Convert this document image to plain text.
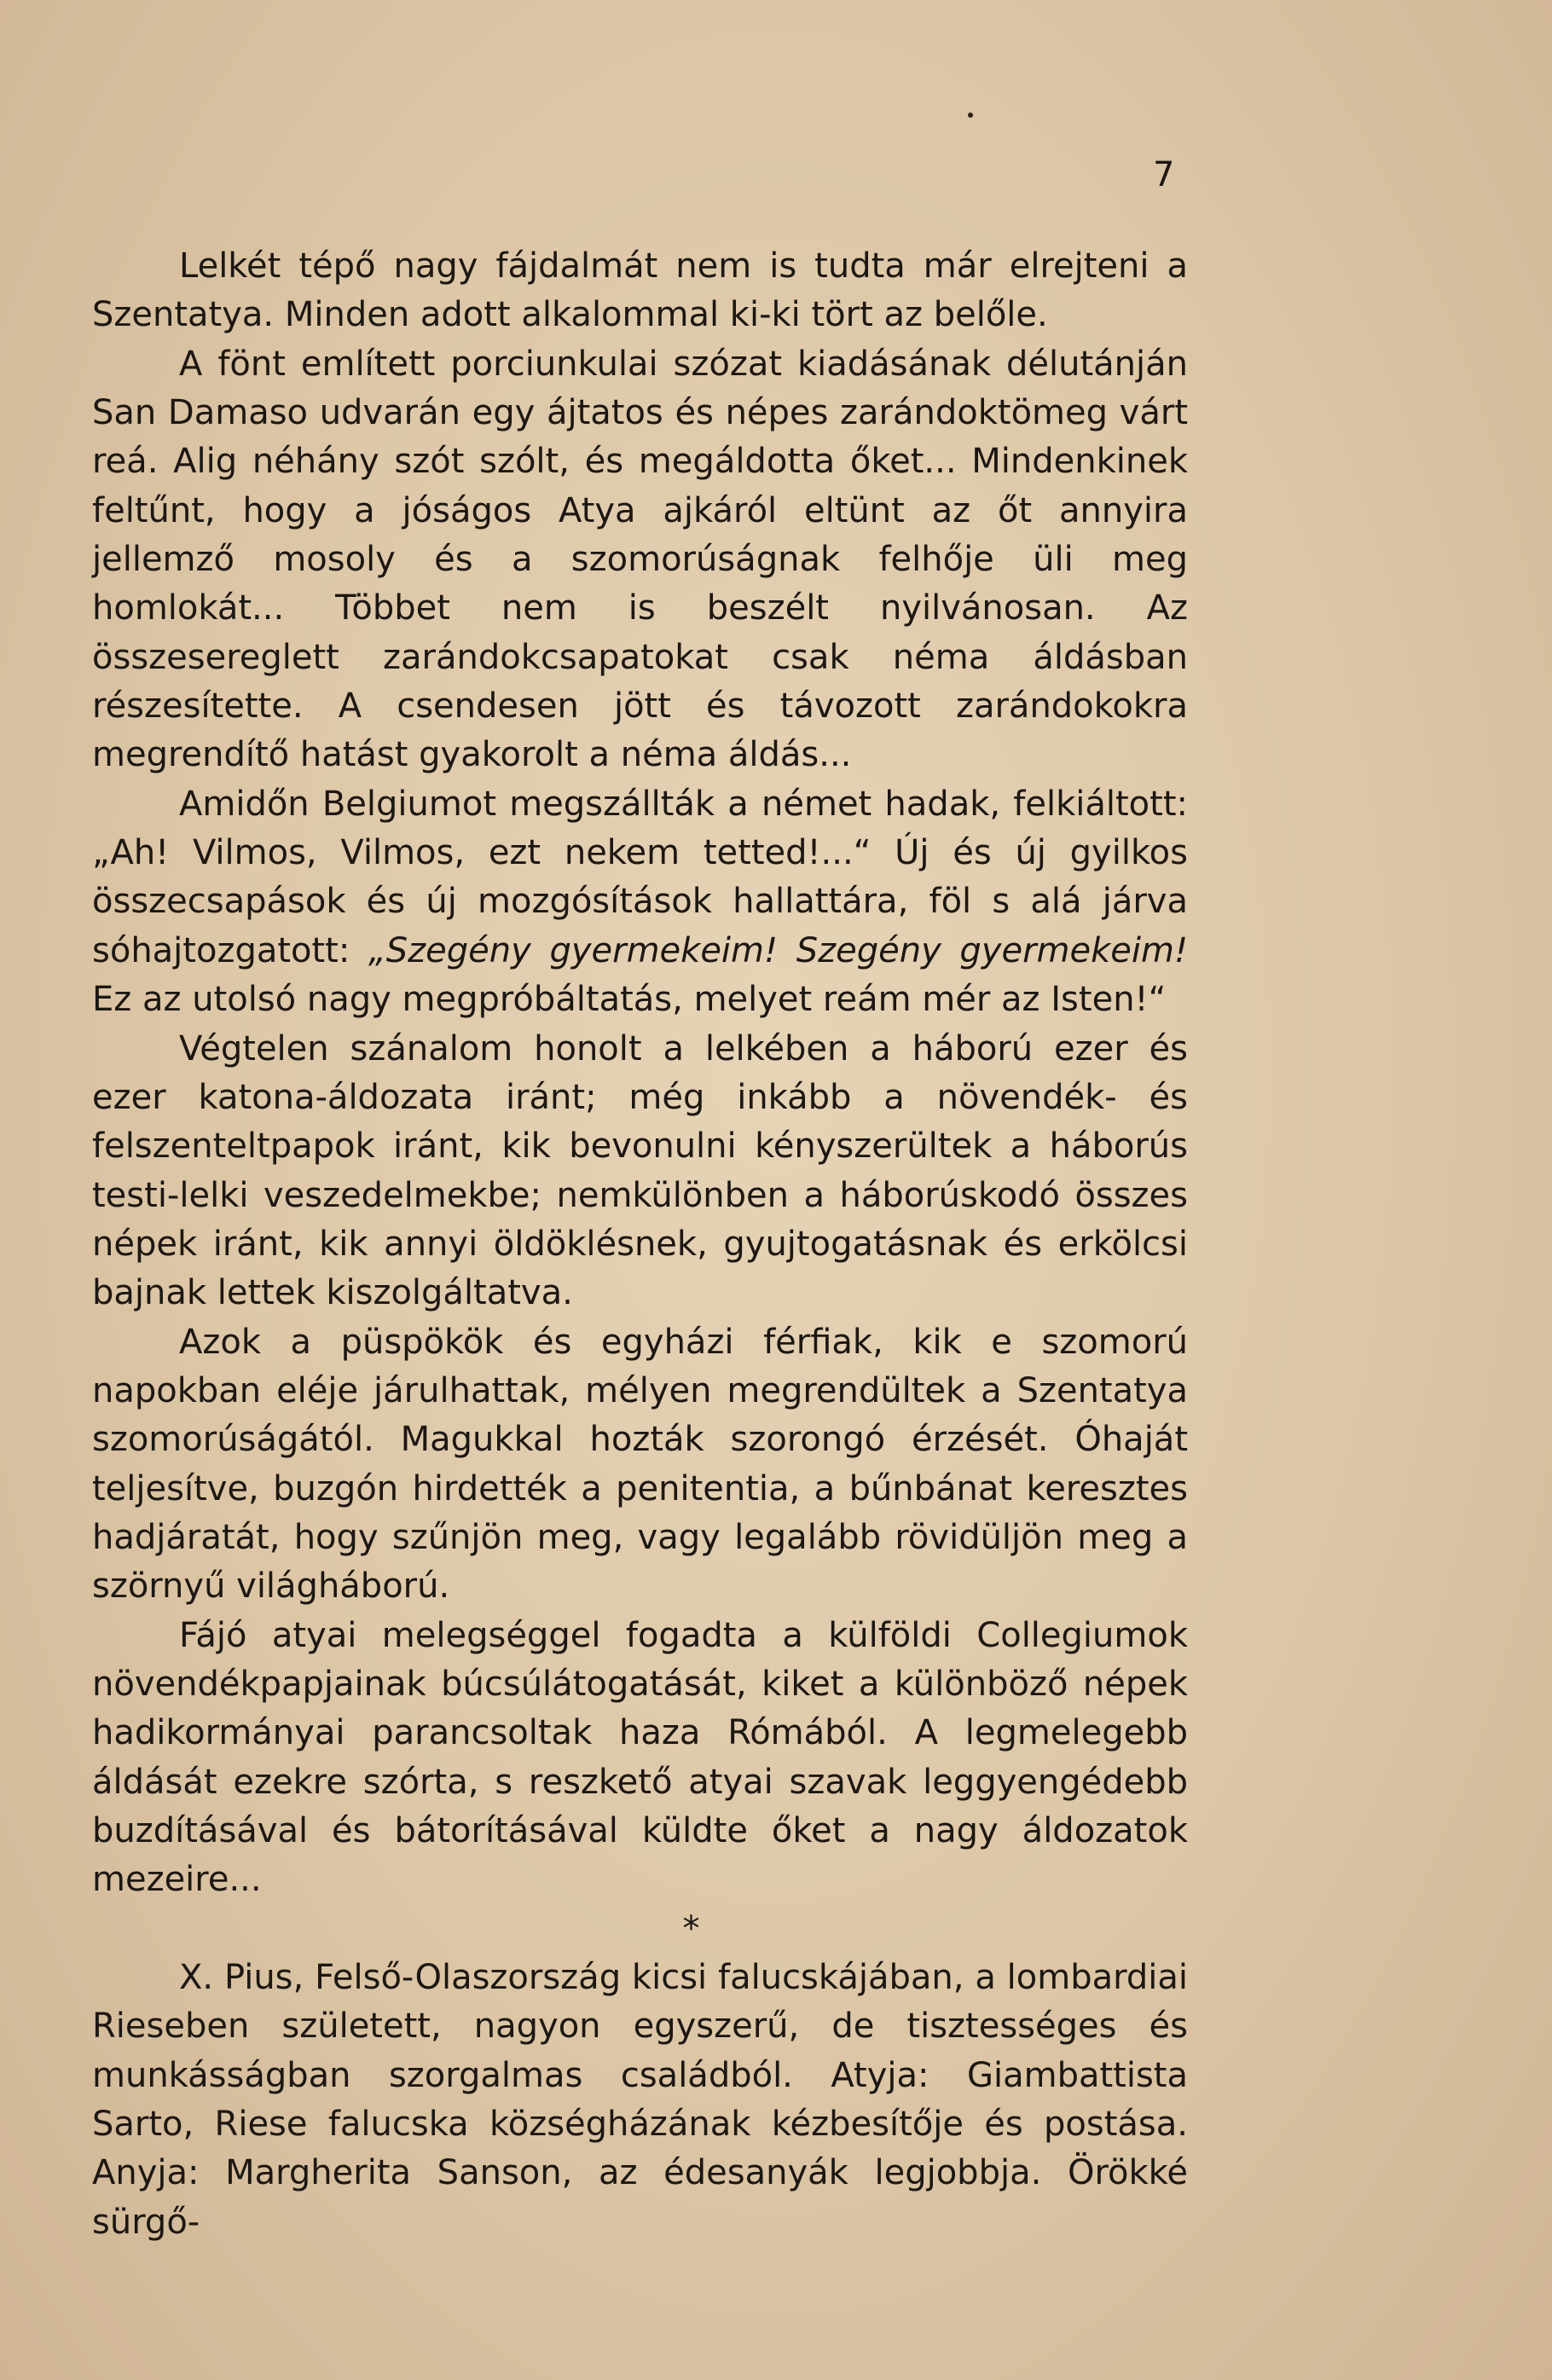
7

Lelkét tépő nagy fájdalmát nem is tudta már elrejteni a Szentatya. Minden adott alkalommal ki-ki tört az belőle.

A fönt említett porciunkulai szózat kiadásának délutánján San Damaso udvarán egy ájtatos és népes zarándoktömeg várt reá. Alig néhány szót szólt, és megáldotta őket... Mindenkinek feltűnt, hogy a jóságos Atya ajkáról eltünt az őt annyira jellemző mosoly és a szomorúságnak felhője üli meg homlokát... Többet nem is beszélt nyilvánosan. Az összesereglett zarándokcsapatokat csak néma áldásban részesítette. A csendesen jött és távozott zarándokokra megrendítő hatást gyakorolt a néma áldás...

Amidőn Belgiumot megszállták a német hadak, felkiáltott: „Ah! Vilmos, Vilmos, ezt nekem tetted!...“ Új és új gyilkos összecsapások és új mozgósítások hallattára, föl s alá járva sóhajtozgatott: „Szegény gyermekeim! Szegény gyermekeim! Ez az utolsó nagy megpróbáltatás, melyet reám mér az Isten!“

Végtelen szánalom honolt a lelkében a háború ezer és ezer katona-áldozata iránt; még inkább a növendék- és felszenteltpapok iránt, kik bevonulni kényszerültek a háborús testi-lelki veszedelmekbe; nemkülönben a háborúskodó összes népek iránt, kik annyi öldöklésnek, gyujtogatásnak és erkölcsi bajnak lettek kiszolgáltatva.

Azok a püspökök és egyházi férfiak, kik e szomorú napokban eléje járulhattak, mélyen megrendültek a Szentatya szomorúságától. Magukkal hozták szorongó érzését. Óhaját teljesítve, buzgón hirdették a penitentia, a bűnbánat keresztes hadjáratát, hogy szűnjön meg, vagy legalább rövidüljön meg a szörnyű világháború.

Fájó atyai melegséggel fogadta a külföldi Collegiumok növendékpapjainak búcsúlátogatását, kiket a különböző népek hadikormányai parancsoltak haza Rómából. A legmelegebb áldását ezekre szórta, s reszkető atyai szavak leggyengédebb buzdításával és bátorításával küldte őket a nagy áldozatok mezeire...

*

X. Pius, Felső-Olaszország kicsi falucskájában, a lombardiai Rieseben született, nagyon egyszerű, de tisztességes és munkásságban szorgalmas családból. Atyja: Giambattista Sarto, Riese falucska községházának kézbesítője és postása. Anyja: Margherita Sanson, az édesanyák legjobbja. Örökké sürgő-
